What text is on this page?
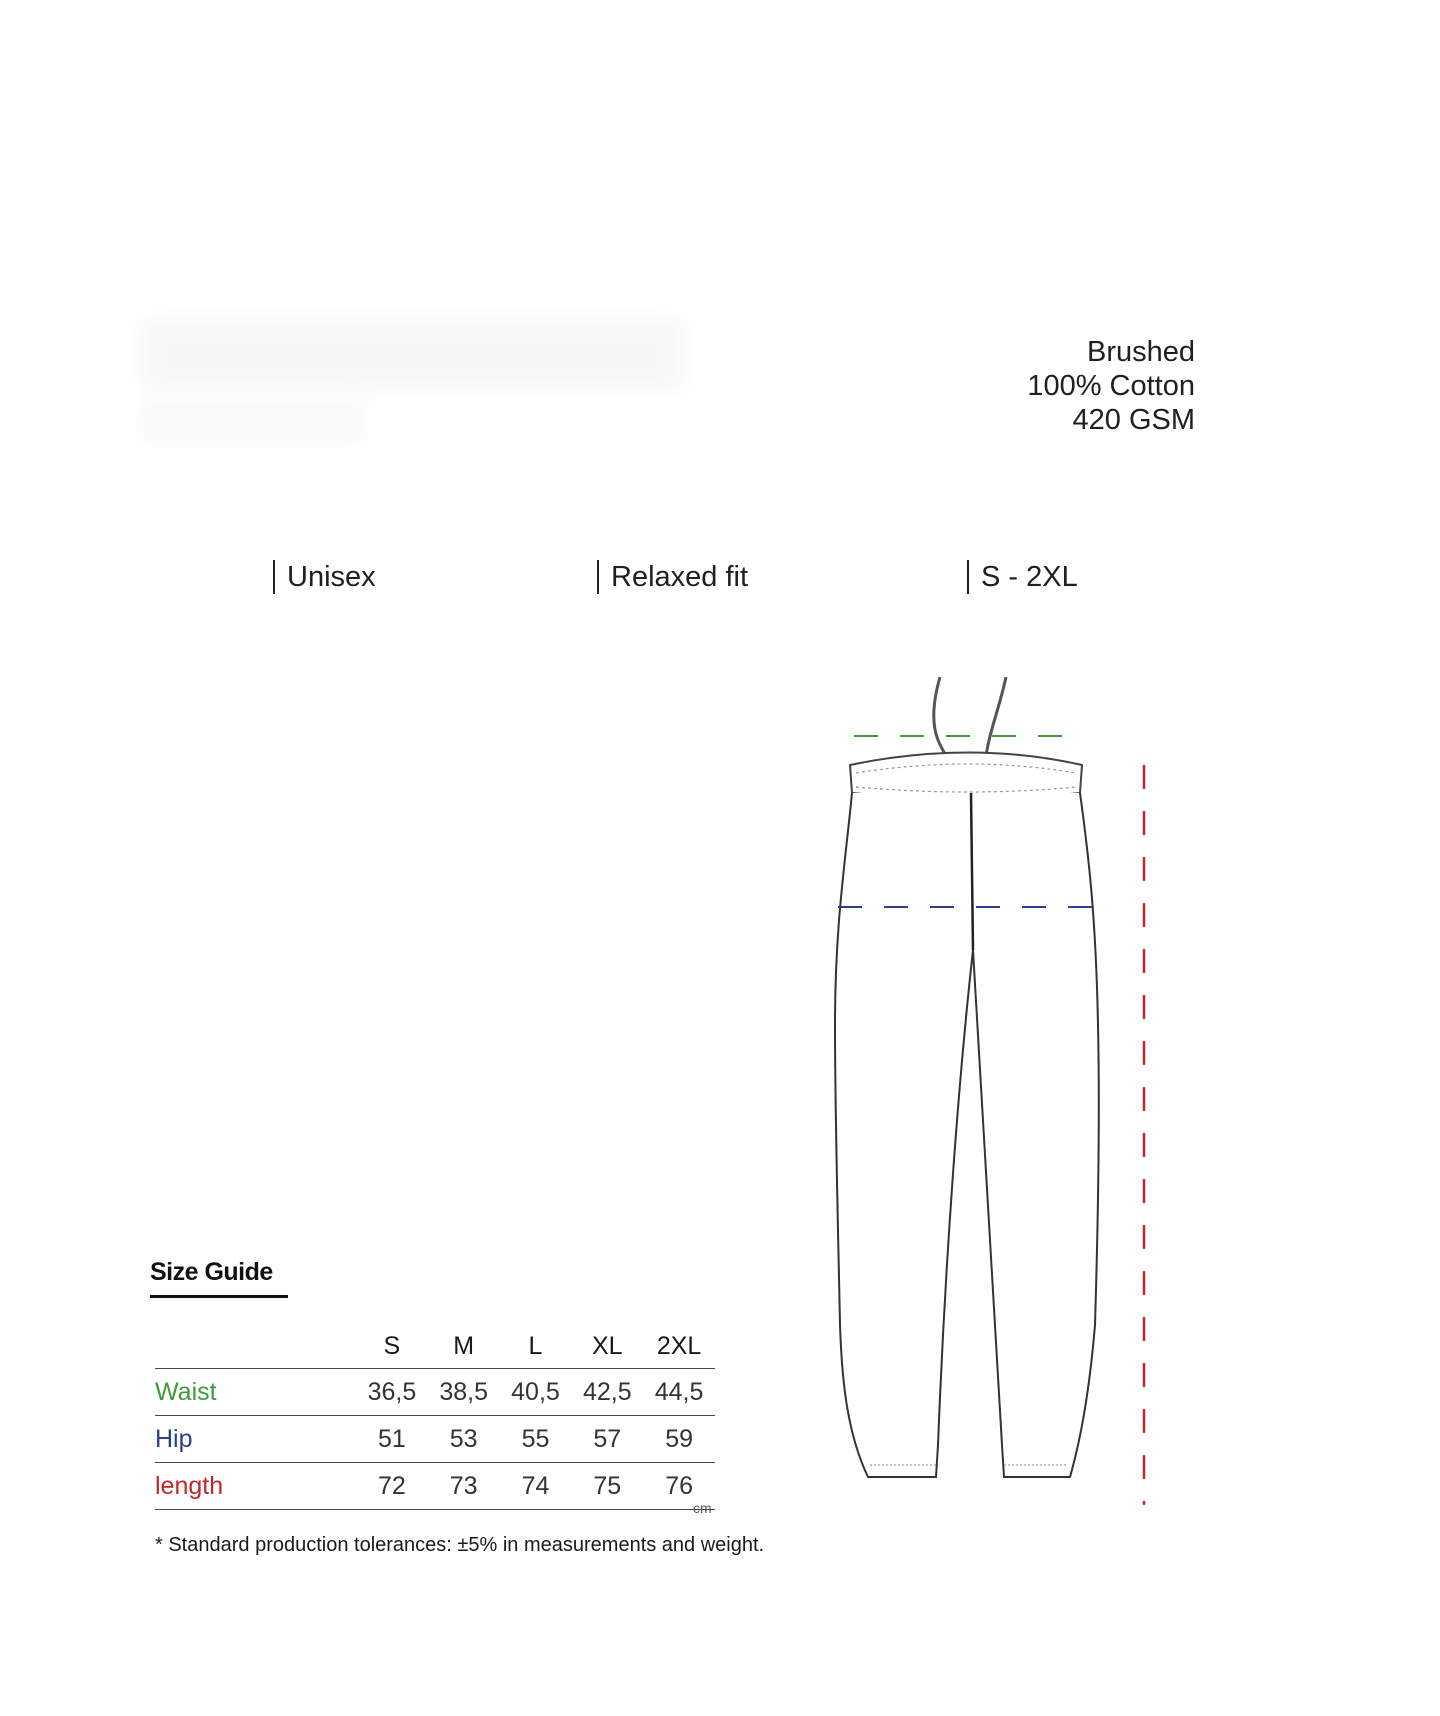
Brushed
100% Cotton
420 GSM
Unisex	Relaxed fit	S - 2XL
Size Guide
	S	M	L	XL	2XL
Waist	36,5	38,5	40,5	42,5	44,5
Hip	51	53	55	57	59
length	72	73	74	75	76
cm
* Standard production tolerances: ±5% in measurements and weight.
